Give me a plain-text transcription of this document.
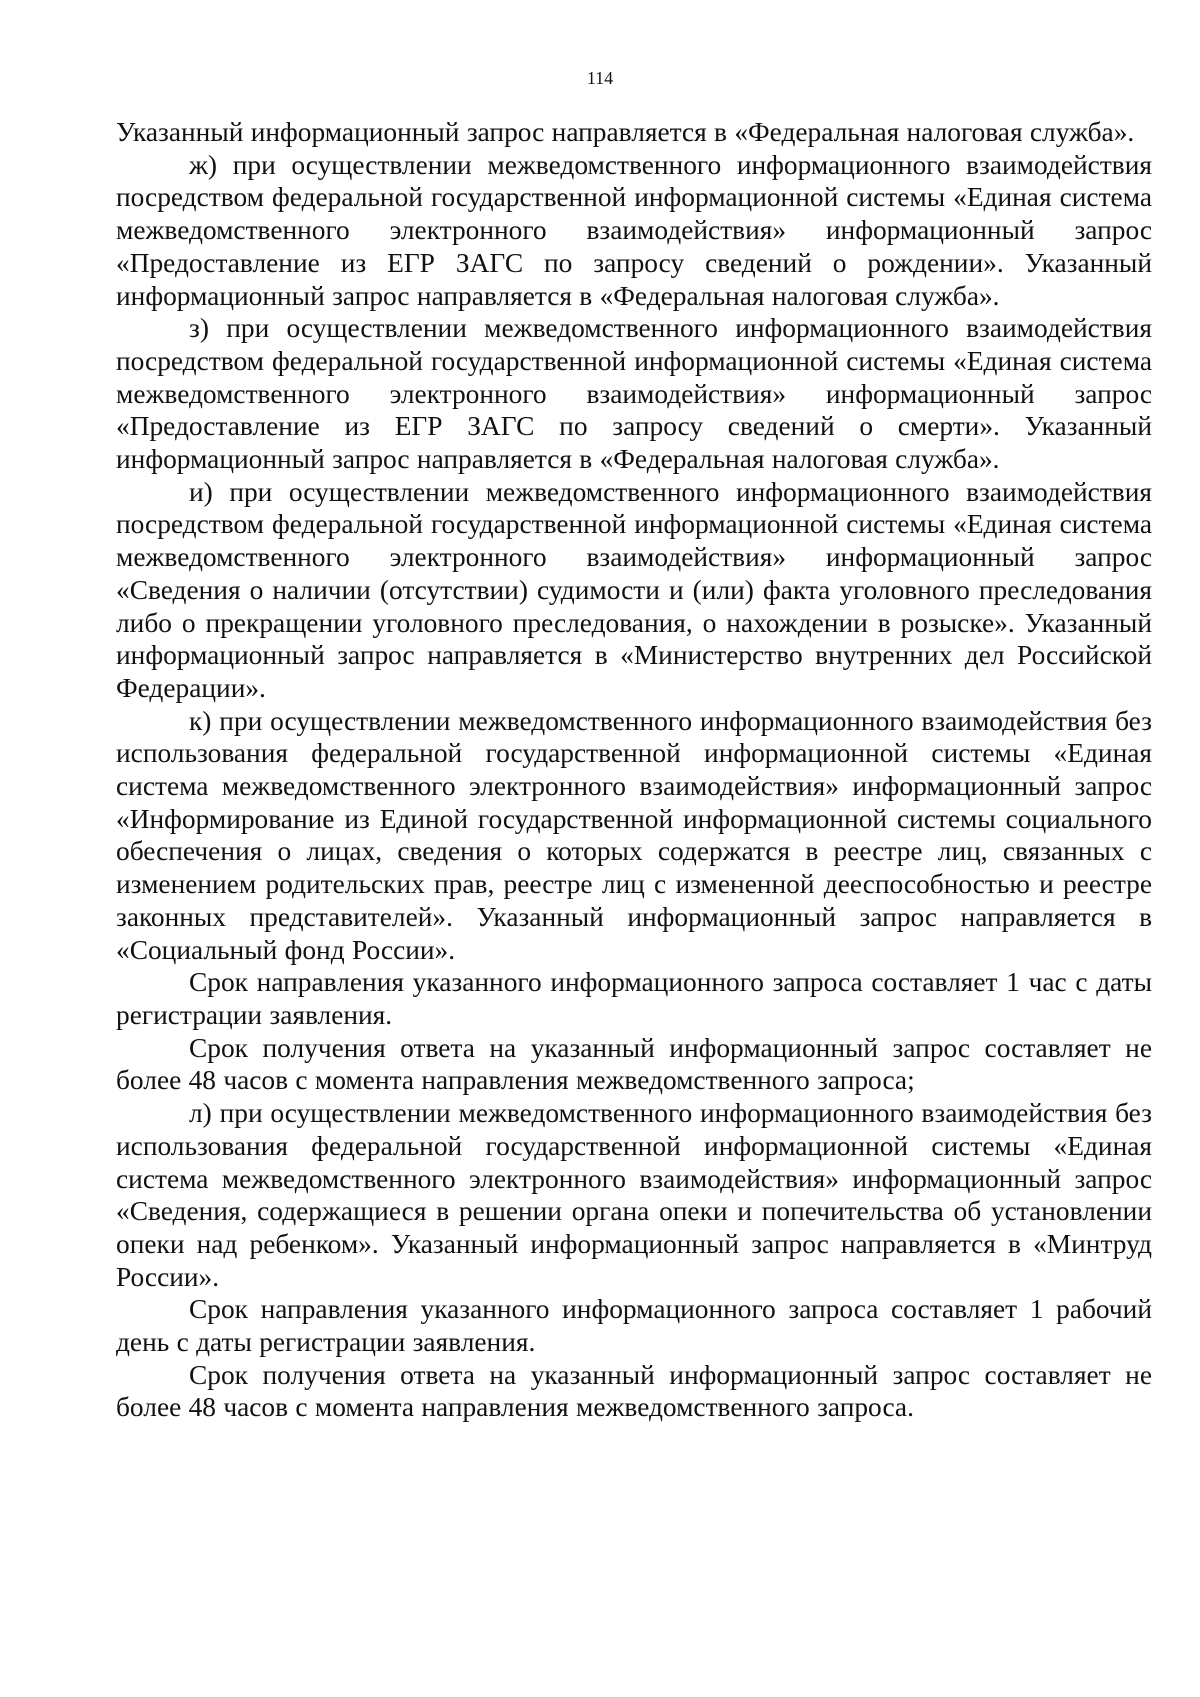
114

Указанный информационный запрос направляется в «Федеральная налоговая служба».

ж) при осуществлении межведомственного информационного взаимодействия посредством федеральной государственной информационной системы «Единая система межведомственного электронного взаимодействия» информационный запрос «Предоставление из ЕГР ЗАГС по запросу сведений о рождении». Указанный информационный запрос направляется в «Федеральная налоговая служба».

з) при осуществлении межведомственного информационного взаимодействия посредством федеральной государственной информационной системы «Единая система межведомственного электронного взаимодействия» информационный запрос «Предоставление из ЕГР ЗАГС по запросу сведений о смерти». Указанный информационный запрос направляется в «Федеральная налоговая служба».

и) при осуществлении межведомственного информационного взаимодействия посредством федеральной государственной информационной системы «Единая система межведомственного электронного взаимодействия» информационный запрос «Сведения о наличии (отсутствии) судимости и (или) факта уголовного преследования либо о прекращении уголовного преследования, о нахождении в розыске». Указанный информационный запрос направляется в «Министерство внутренних дел Российской Федерации».

к) при осуществлении межведомственного информационного взаимодействия без использования федеральной государственной информационной системы «Единая система межведомственного электронного взаимодействия» информационный запрос «Информирование из Единой государственной информационной системы социального обеспечения о лицах, сведения о которых содержатся в реестре лиц, связанных с изменением родительских прав, реестре лиц с измененной дееспособностью и реестре законных представителей». Указанный информационный запрос направляется в «Социальный фонд России».

Срок направления указанного информационного запроса составляет 1 час с даты регистрации заявления.

Срок получения ответа на указанный информационный запрос составляет не более 48 часов с момента направления межведомственного запроса;

л) при осуществлении межведомственного информационного взаимодействия без использования федеральной государственной информационной системы «Единая система межведомственного электронного взаимодействия» информационный запрос «Сведения, содержащиеся в решении органа опеки и попечительства об установлении опеки над ребенком». Указанный информационный запрос направляется в «Минтруд России».

Срок направления указанного информационного запроса составляет 1 рабочий день с даты регистрации заявления.

Срок получения ответа на указанный информационный запрос составляет не более 48 часов с момента направления межведомственного запроса.
